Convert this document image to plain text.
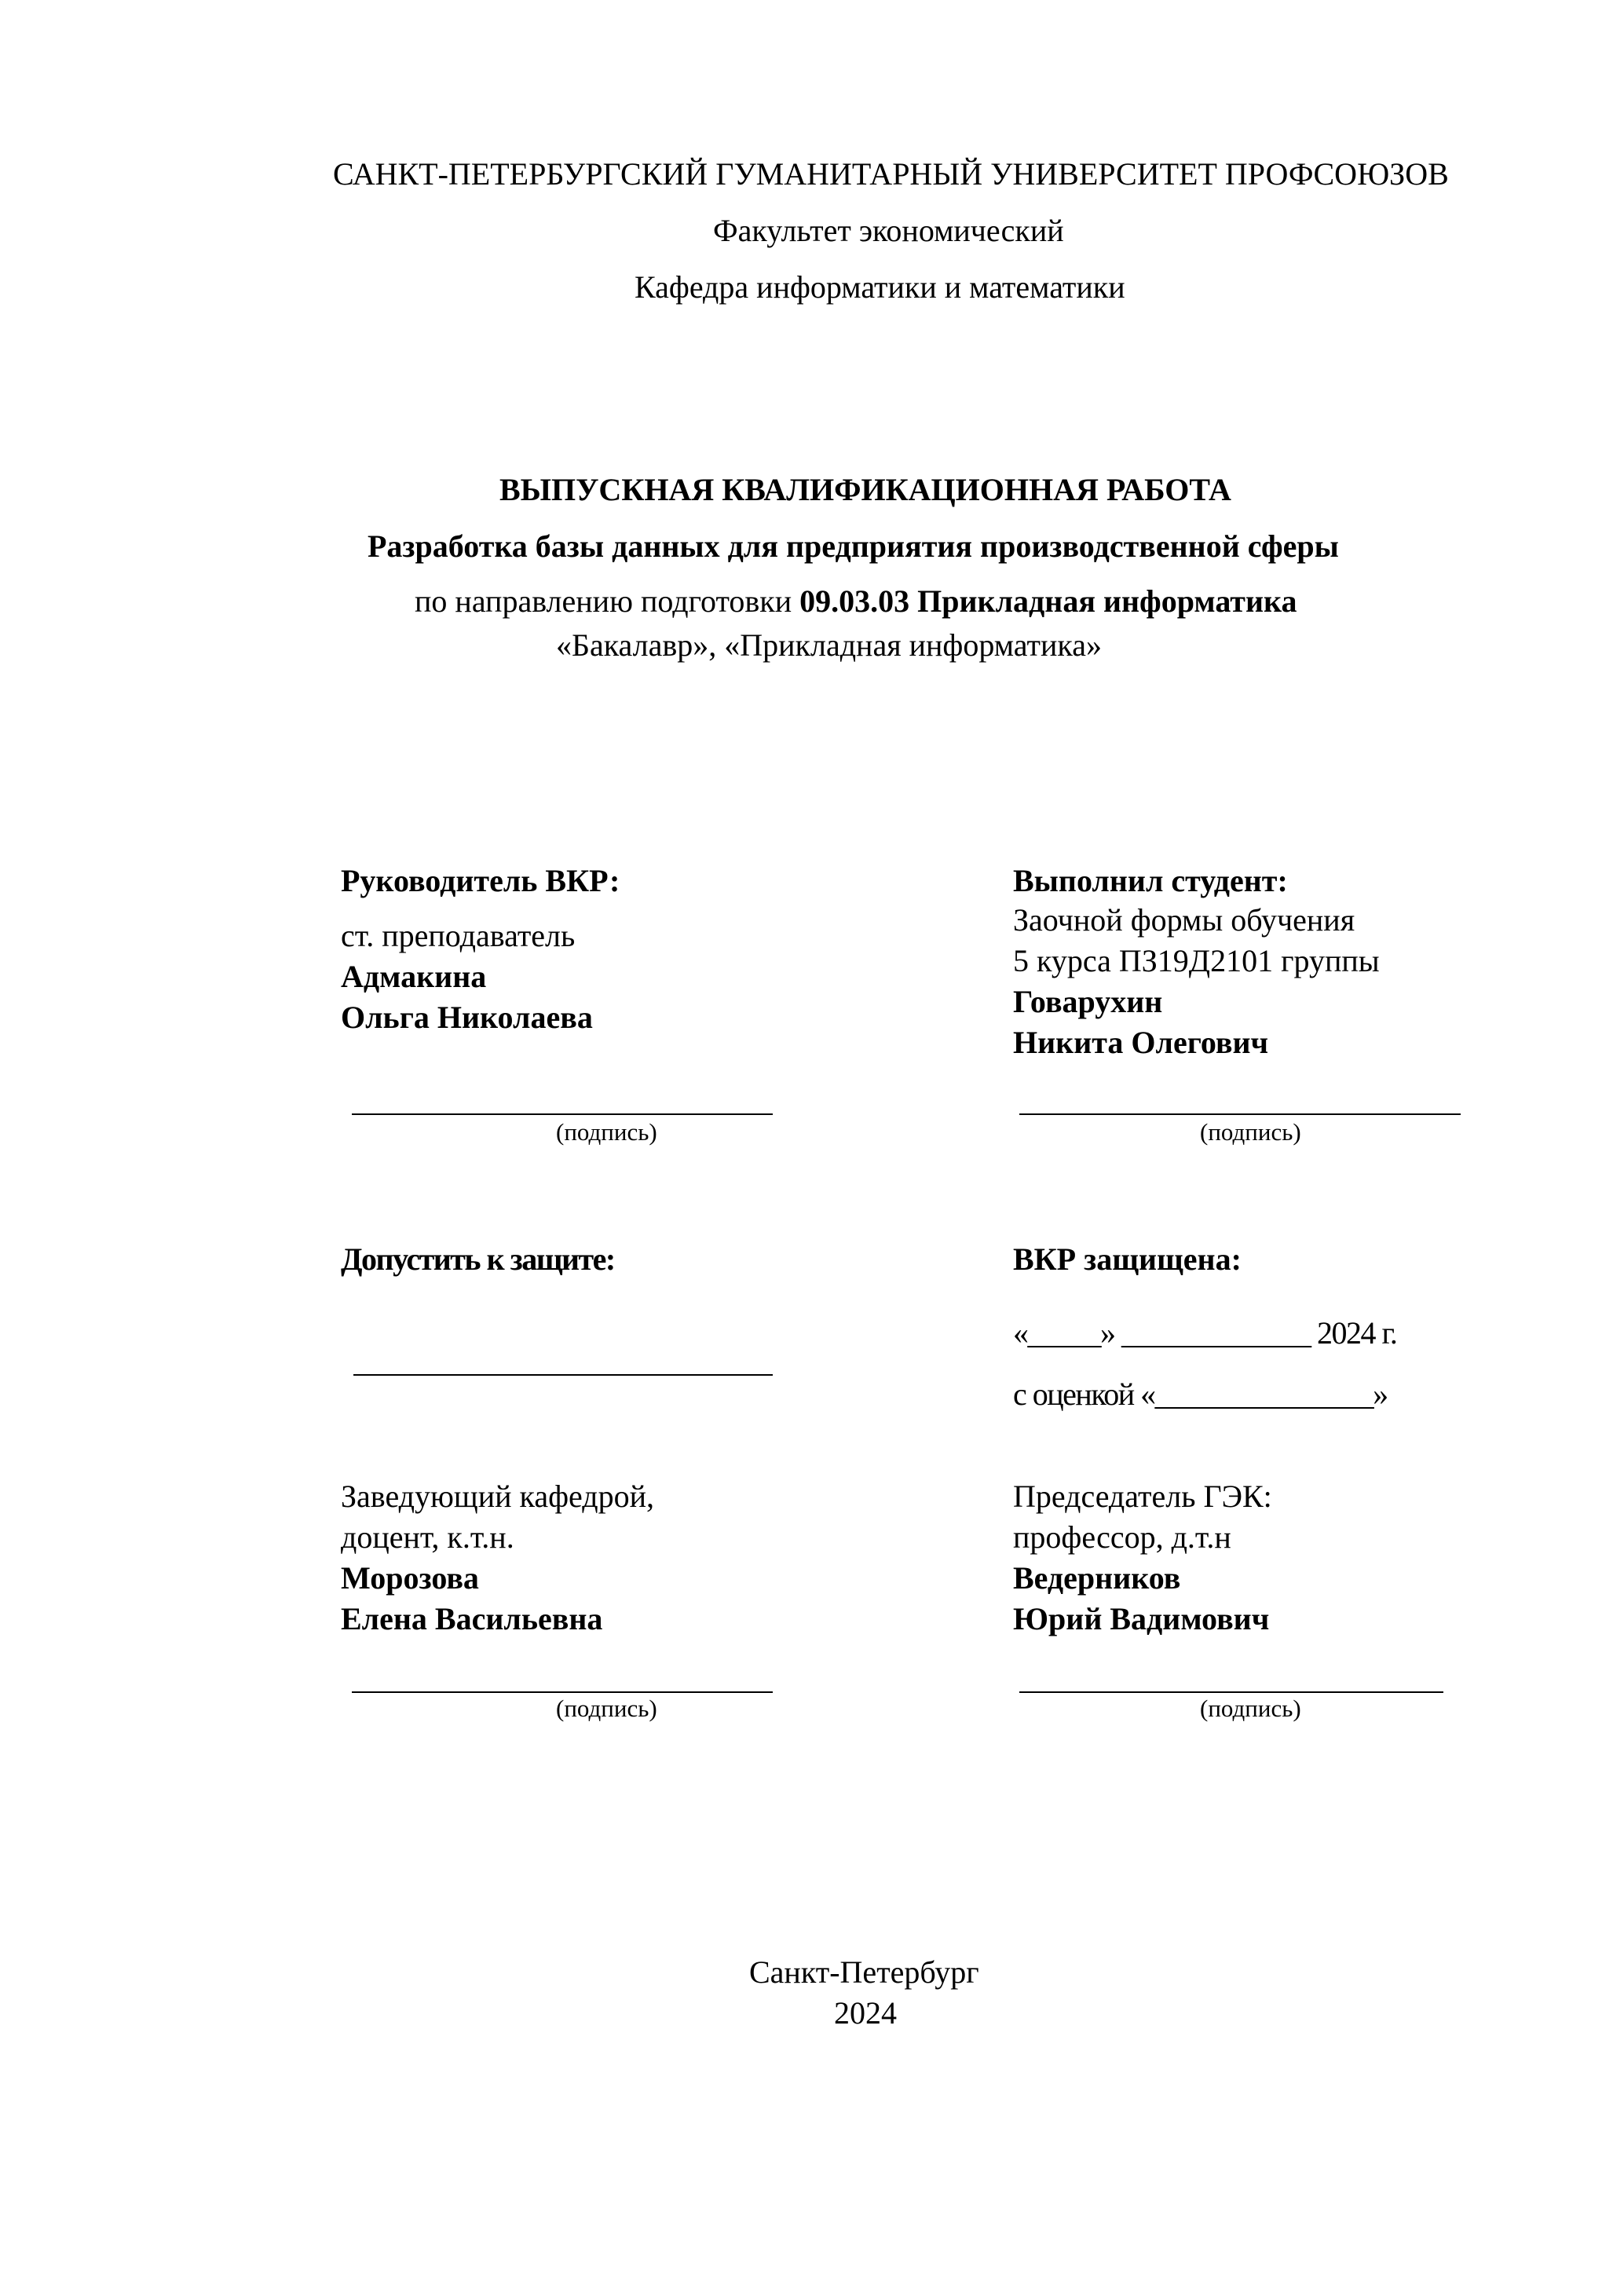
САНКТ-ПЕТЕРБУРГСКИЙ ГУМАНИТАРНЫЙ УНИВЕРСИТЕТ ПРОФСОЮЗОВ
Факультет экономический
Кафедра информатики и математики
ВЫПУСКНАЯ КВАЛИФИКАЦИОННАЯ РАБОТА
Разработка базы данных для предприятия производственной сферы
по направлению подготовки 09.03.03 Прикладная информатика
«Бакалавр», «Прикладная информатика»
Руководитель ВКР:
ст. преподаватель
Адмакина
Ольга Николаева
(подпись)
Выполнил студент:
Заочной формы обучения
5 курса ПЗ19Д2101 группы
Говарухин
Никита Олегович
(подпись)
Допустить к защите:	ВКР защищена:
«_____» _____________ 2024 г.
с оценкой «_______________»
Заведующий кафедрой,
доцент, к.т.н.
Морозова
Елена Васильевна
(подпись)
Председатель ГЭК:
профессор, д.т.н
Ведерников
Юрий Вадимович
(подпись)
Санкт-Петербург
2024
